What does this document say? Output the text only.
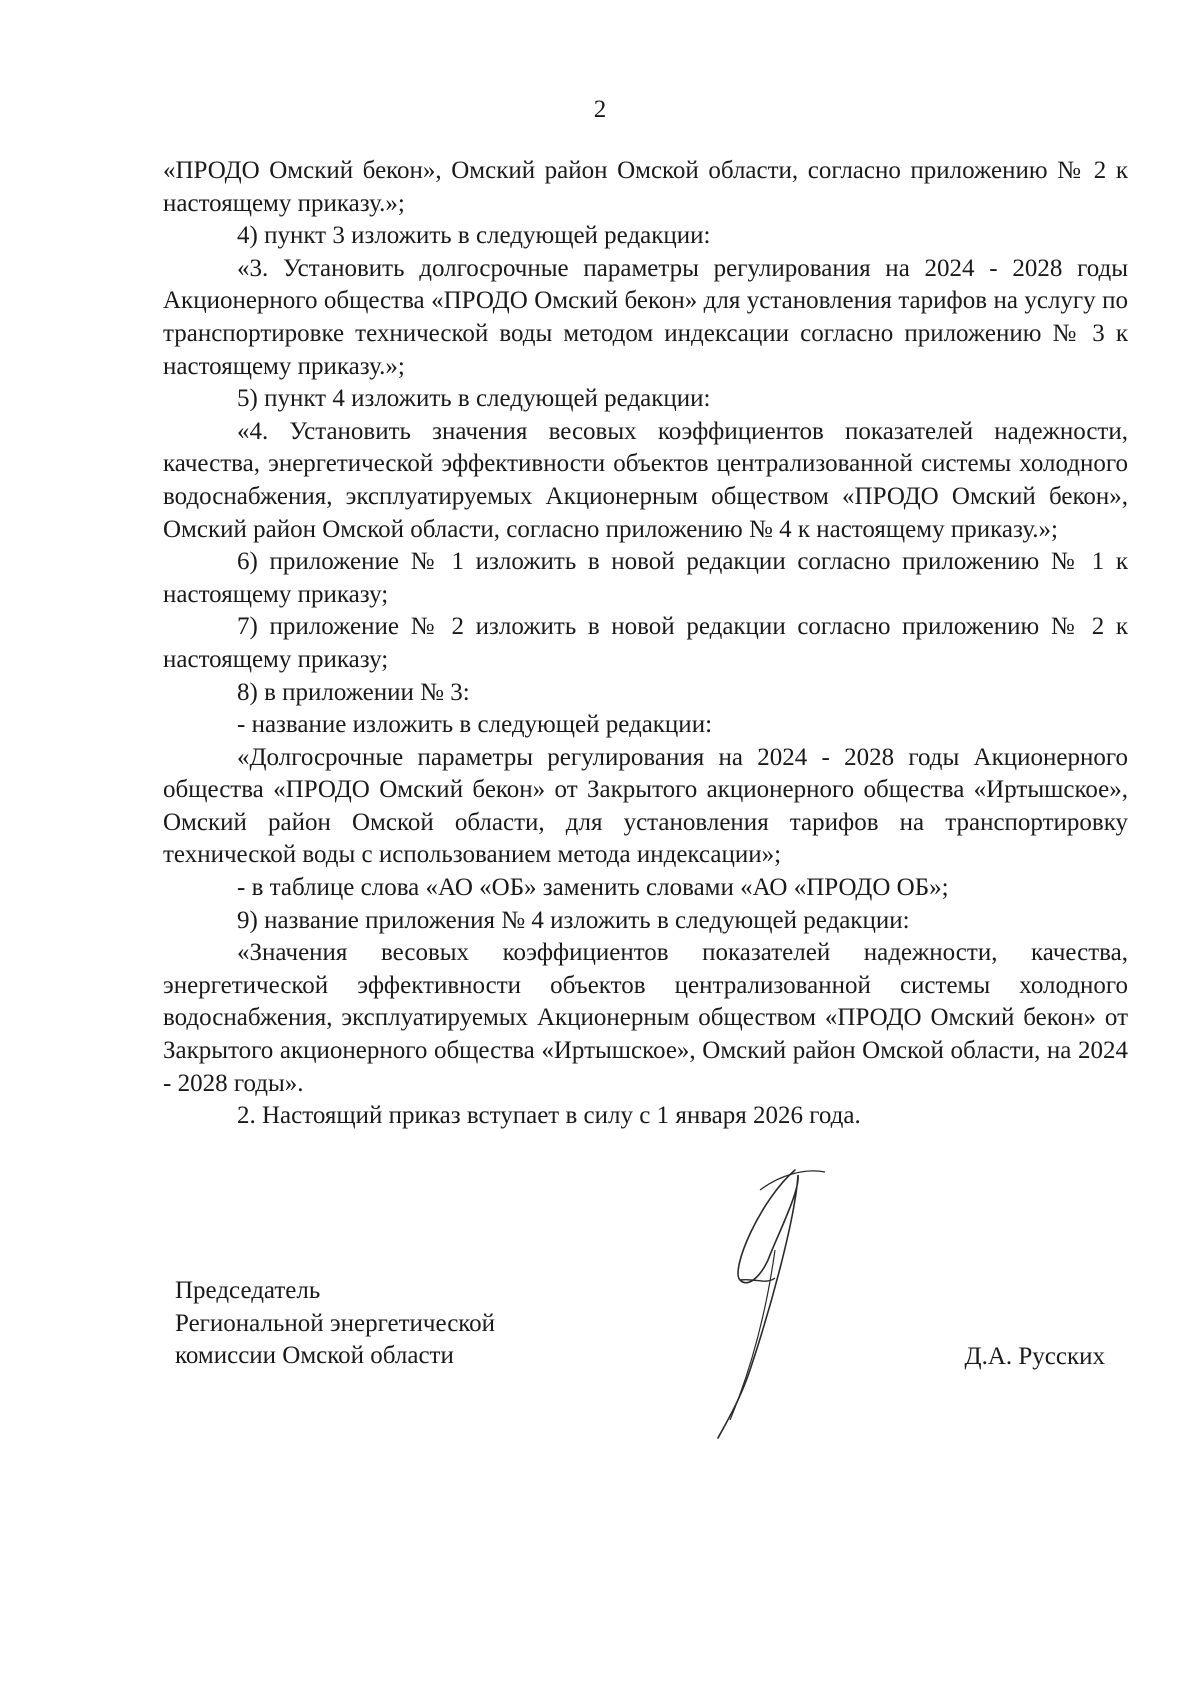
2

«ПРОДО Омский бекон», Омский район Омской области, согласно приложению № 2 к настоящему приказу.»;

4) пункт 3 изложить в следующей редакции:

«3. Установить долгосрочные параметры регулирования на 2024 - 2028 годы Акционерного общества «ПРОДО Омский бекон» для установления тарифов на услугу по транспортировке технической воды методом индексации согласно приложению № 3 к настоящему приказу.»;

5) пункт 4 изложить в следующей редакции:

«4. Установить значения весовых коэффициентов показателей надежности, качества, энергетической эффективности объектов централизованной системы холодного водоснабжения, эксплуатируемых Акционерным обществом «ПРОДО Омский бекон», Омский район Омской области, согласно приложению № 4 к настоящему приказу.»;

6) приложение № 1 изложить в новой редакции согласно приложению № 1 к настоящему приказу;

7) приложение № 2 изложить в новой редакции согласно приложению № 2 к настоящему приказу;

8) в приложении № 3:

- название изложить в следующей редакции:

«Долгосрочные параметры регулирования на 2024 - 2028 годы Акционерного общества «ПРОДО Омский бекон» от Закрытого акционерного общества «Иртышское», Омский район Омской области, для установления тарифов на транспортировку технической воды с использованием метода индексации»;

- в таблице слова «АО «ОБ» заменить словами «АО «ПРОДО ОБ»;

9) название приложения № 4 изложить в следующей редакции:

«Значения весовых коэффициентов показателей надежности, качества, энергетической эффективности объектов централизованной системы холодного водоснабжения, эксплуатируемых Акционерным обществом «ПРОДО Омский бекон» от Закрытого акционерного общества «Иртышское», Омский район Омской области, на 2024 - 2028 годы».

2. Настоящий приказ вступает в силу с 1 января 2026 года.

Председатель
Региональной энергетической
комиссии Омской области	Д.А. Русских
